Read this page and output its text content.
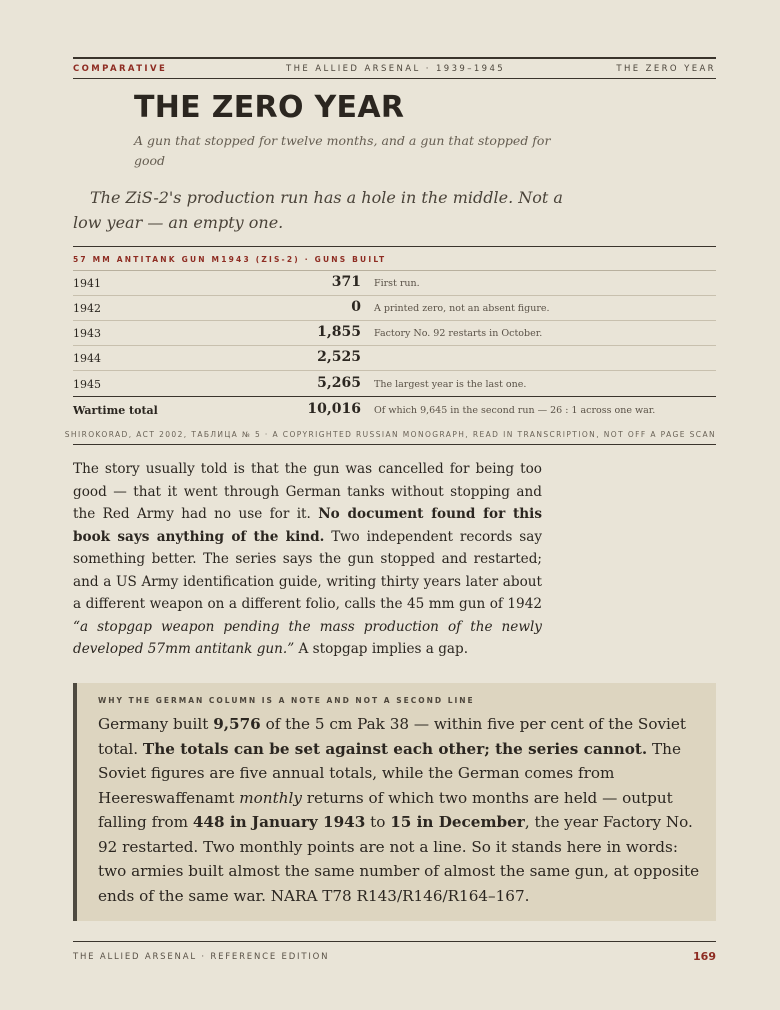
COMPARATIVE	THE ALLIED ARSENAL · 1939–1945	THE ZERO YEAR
THE ZERO YEAR
A gun that stopped for twelve months, and a gun that stopped for good
The ZiS-2's production run has a hole in the middle. Not a low year — an empty one.
57 MM ANTITANK GUN M1943 (ZIS-2) · GUNS BUILT
1941	371 First run.
1942	0 A printed zero, not an absent figure.
1943	1,855 Factory No. 92 restarts in October.
1944	2,525
1945	5,265 The largest year is the last one.
Wartime total	10,016 Of which 9,645 in the second run — 26 : 1 across one war.
SHIROKORAD, ACT 2002, ТАБЛИЦА № 5 · A COPYRIGHTED RUSSIAN MONOGRAPH, READ IN TRANSCRIPTION, NOT OFF A PAGE SCAN

The story usually told is that the gun was cancelled for being too good — that it went through German tanks without stopping and the Red Army had no use for it. No document found for this book says anything of the kind. Two independent records say something better. The series says the gun stopped and restarted; and a US Army identification guide, writing thirty years later about a different weapon on a different folio, calls the 45 mm gun of 1942 “a stopgap weapon pending the mass production of the newly developed 57mm antitank gun.” A stopgap implies a gap.

WHY THE GERMAN COLUMN IS A NOTE AND NOT A SECOND LINE

Germany built 9,576 of the 5 cm Pak 38 — within five per cent of the Soviet total. The totals can be set against each other; the series cannot. The Soviet figures are five annual totals, while the German comes from Heereswaffenamt monthly returns of which two months are held — output falling from 448 in January 1943 to 15 in December, the year Factory No. 92 restarted. Two monthly points are not a line. So it stands here in words: two armies built almost the same number of almost the same gun, at opposite ends of the same war. NARA T78 R143/R146/R164–167.

THE ALLIED ARSENAL · REFERENCE EDITION	169
